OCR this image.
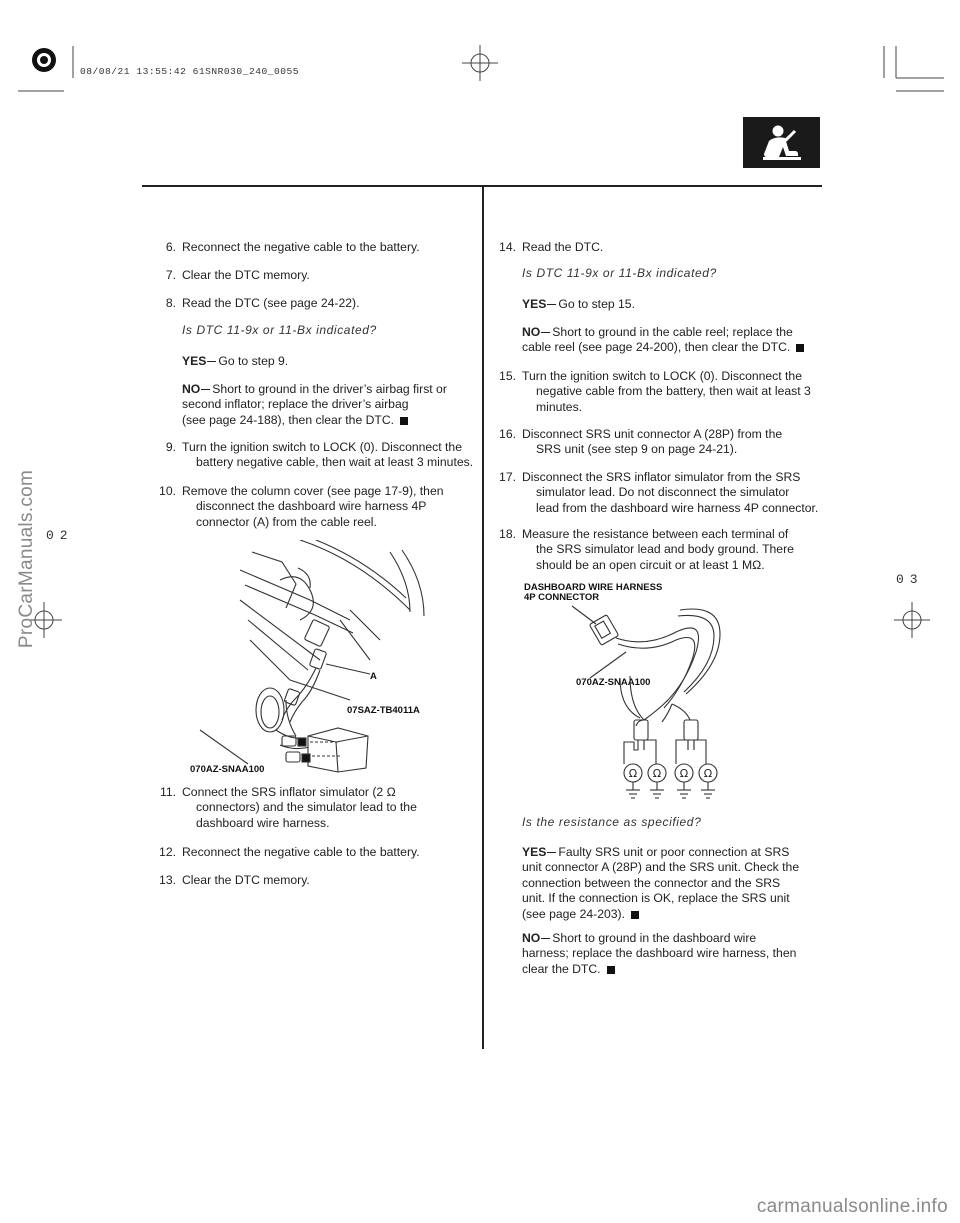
08/08/21 13:55:42 61SNR030_240_0055
6. Reconnect the negative cable to the battery.
7. Clear the DTC memory.
8. Read the DTC (see page 24-22).
Is DTC 11-9x or 11-Bx indicated?
YES Go to step 9.
NO Short to ground in the driver’s airbag first or
second inflator; replace the driver’s airbag
(see page 24-188), then clear the DTC.
9. Turn the ignition switch to LOCK (0). Disconnect the
battery negative cable, then wait at least 3 minutes.
10. Remove the column cover (see page 17-9), then
disconnect the dashboard wire harness 4P
connector (A) from the cable reel.
A
07SAZ-TB4011A
070AZ-SNAA100
11. Connect the SRS inflator simulator (2 Ω
connectors) and the simulator lead to the
dashboard wire harness.
12. Reconnect the negative cable to the battery.
13. Clear the DTC memory.
14. Read the DTC.
Is DTC 11-9x or 11-Bx indicated?
YES Go to step 15.
NO Short to ground in the cable reel; replace the
cable reel (see page 24-200), then clear the DTC.
15. Turn the ignition switch to LOCK (0). Disconnect the
negative cable from the battery, then wait at least 3
minutes.
16. Disconnect SRS unit connector A (28P) from the
SRS unit (see step 9 on page 24-21).
17. Disconnect the SRS inflator simulator from the SRS
simulator lead. Do not disconnect the simulator
lead from the dashboard wire harness 4P connector.
18. Measure the resistance between each terminal of
the SRS simulator lead and body ground. There
should be an open circuit or at least 1 MΩ.
DASHBOARD WIRE HARNESS
4P CONNECTOR
070AZ-SNAA100
Ω Ω Ω Ω
Is the resistance as specified?
YES Faulty SRS unit or poor connection at SRS
unit connector A (28P) and the SRS unit. Check the
connection between the connector and the SRS
unit. If the connection is OK, replace the SRS unit
(see page 24-203).
NO Short to ground in the dashboard wire
harness; replace the dashboard wire harness, then
clear the DTC.
02
03
ProCarManuals.com
carmanualsonline.info
